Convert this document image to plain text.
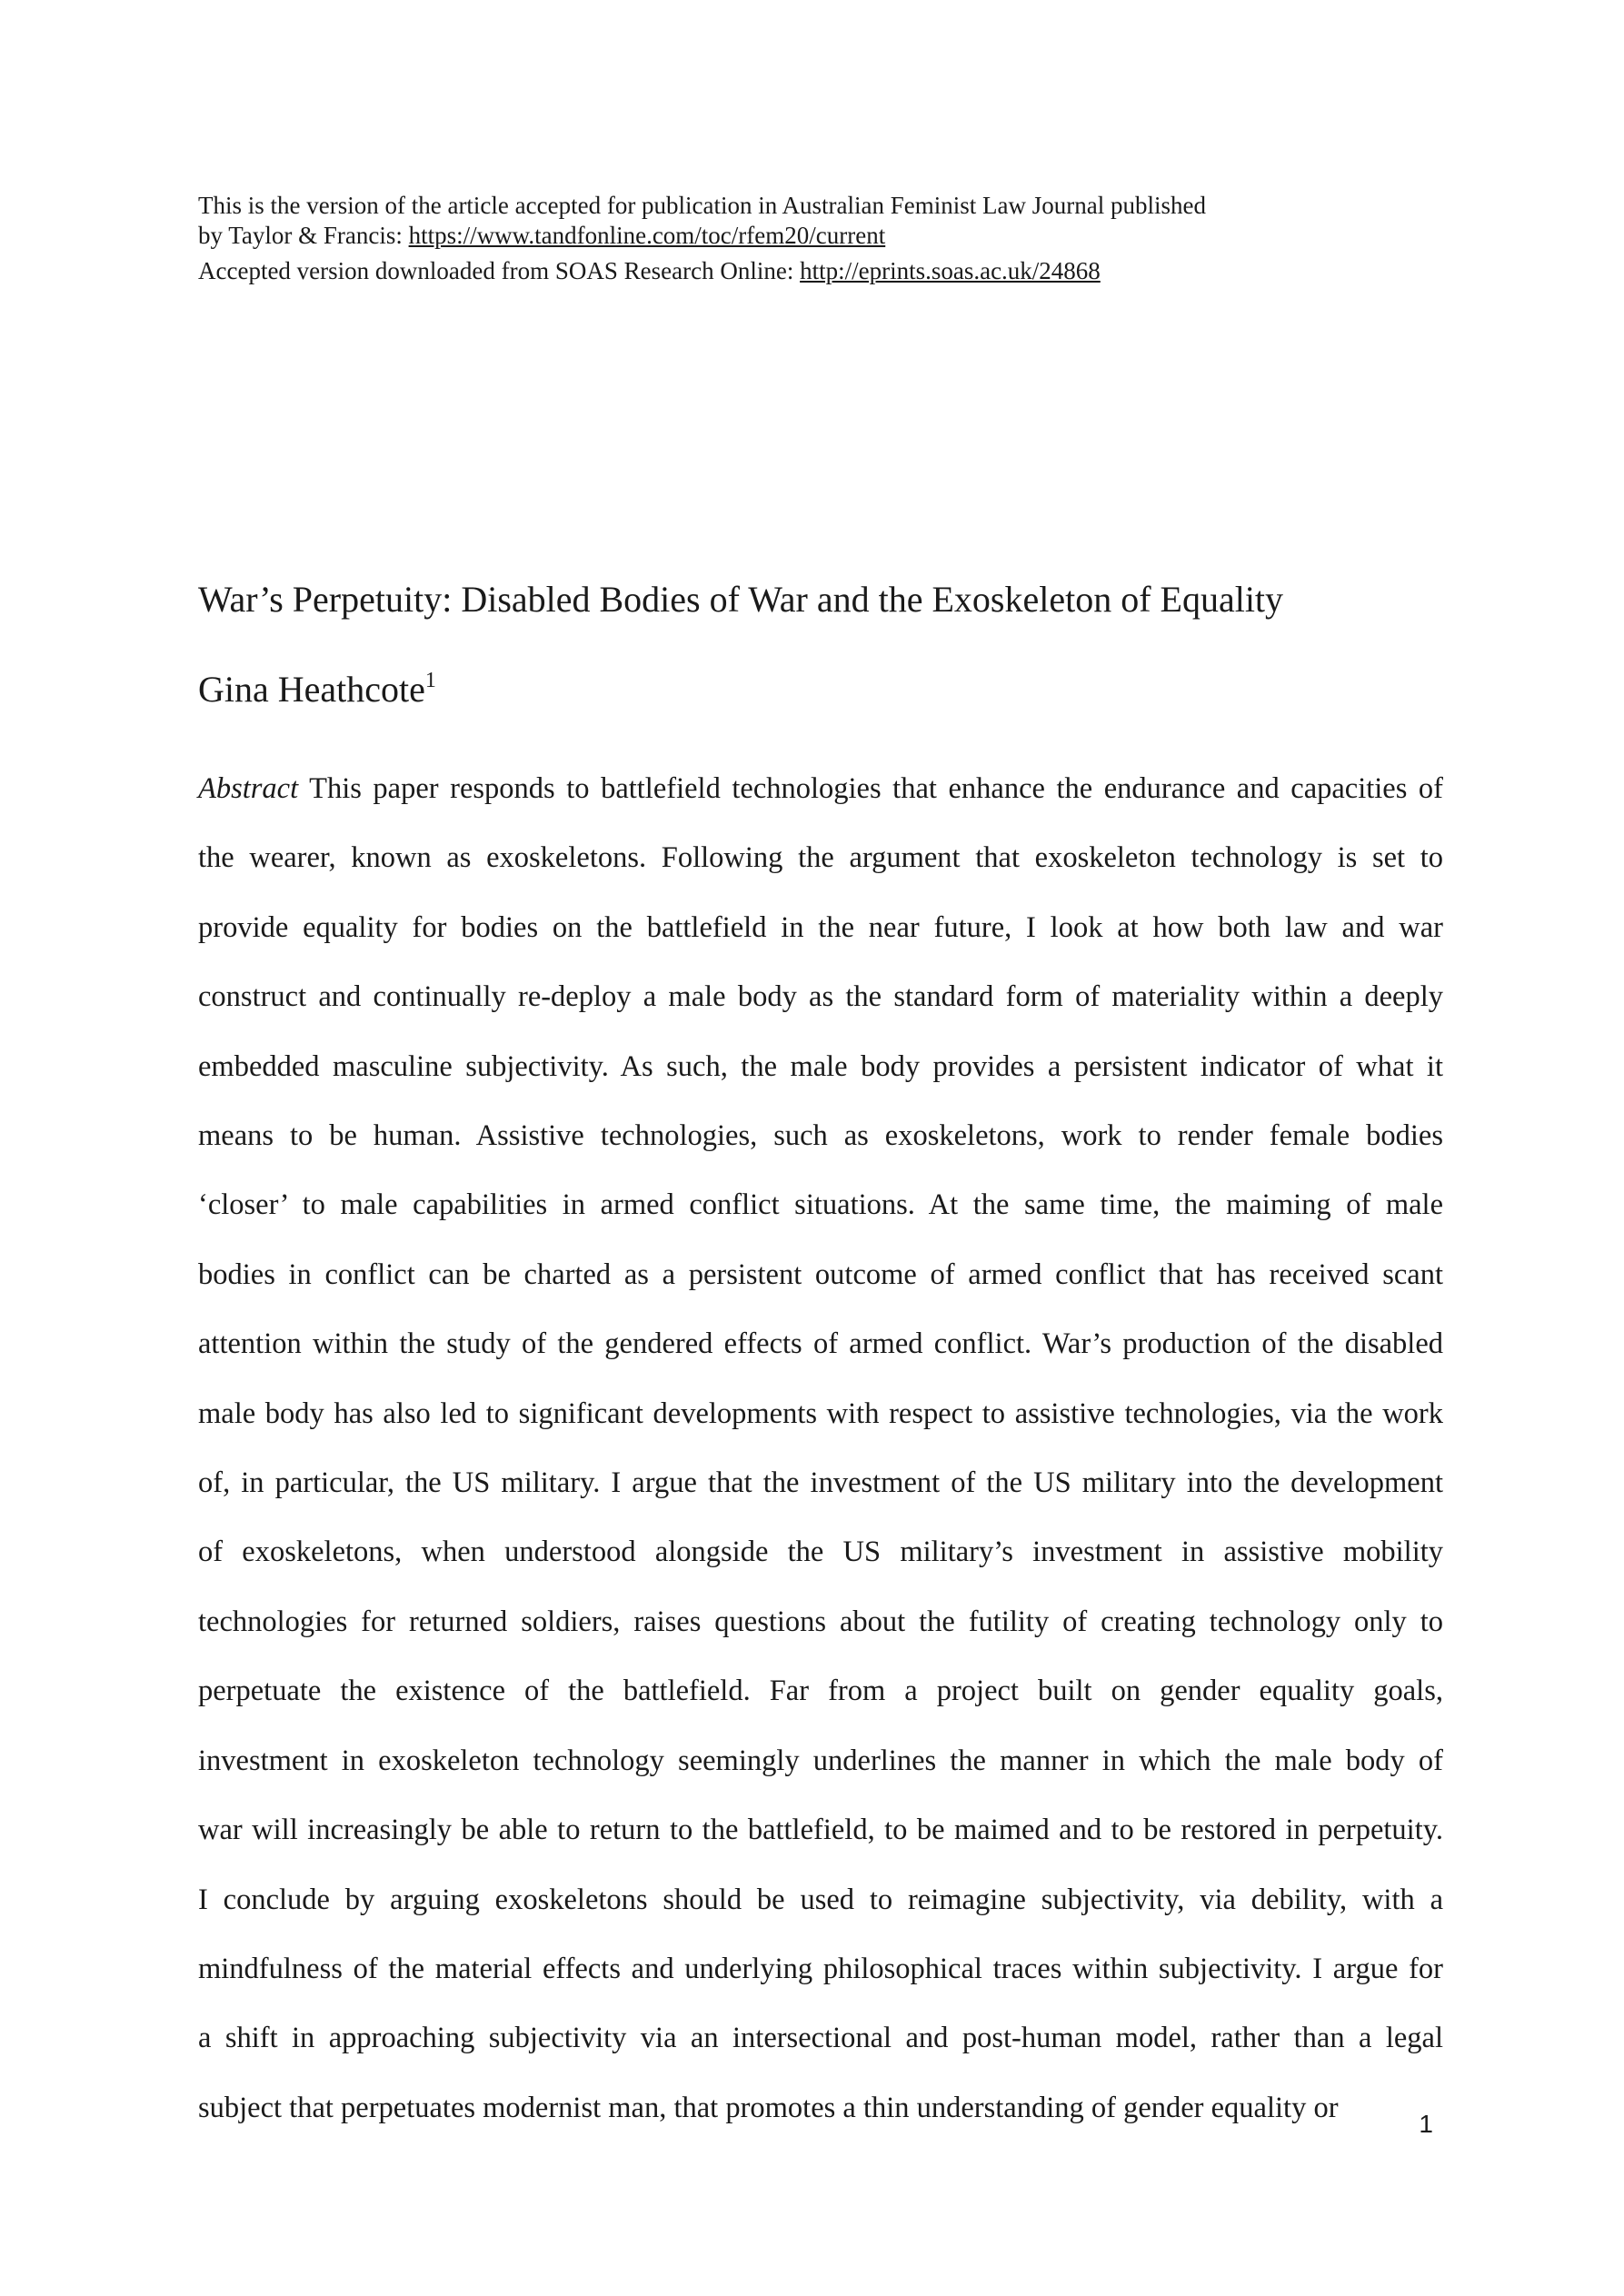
This is the version of the article accepted for publication in Australian Feminist Law Journal published
by Taylor & Francis: https://www.tandfonline.com/toc/rfem20/current
Accepted version downloaded from SOAS Research Online: http://eprints.soas.ac.uk/24868
War’s Perpetuity: Disabled Bodies of War and the Exoskeleton of Equality
Gina Heathcote$^1$
Abstract This paper responds to battlefield technologies that enhance the endurance and capacities of
the wearer, known as exoskeletons. Following the argument that exoskeleton technology is set to
provide equality for bodies on the battlefield in the near future, I look at how both law and war
construct and continually re-deploy a male body as the standard form of materiality within a deeply
embedded masculine subjectivity. As such, the male body provides a persistent indicator of what it
means to be human. Assistive technologies, such as exoskeletons, work to render female bodies
‘closer’ to male capabilities in armed conflict situations. At the same time, the maiming of male
bodies in conflict can be charted as a persistent outcome of armed conflict that has received scant
attention within the study of the gendered effects of armed conflict. War’s production of the disabled
male body has also led to significant developments with respect to assistive technologies, via the work
of, in particular, the US military. I argue that the investment of the US military into the development
of exoskeletons, when understood alongside the US military’s investment in assistive mobility
technologies for returned soldiers, raises questions about the futility of creating technology only to
perpetuate the existence of the battlefield. Far from a project built on gender equality goals,
investment in exoskeleton technology seemingly underlines the manner in which the male body of
war will increasingly be able to return to the battlefield, to be maimed and to be restored in perpetuity.
I conclude by arguing exoskeletons should be used to reimagine subjectivity, via debility, with a
mindfulness of the material effects and underlying philosophical traces within subjectivity. I argue for
a shift in approaching subjectivity via an intersectional and post-human model, rather than a legal
subject that perpetuates modernist man, that promotes a thin understanding of gender equality or	1
